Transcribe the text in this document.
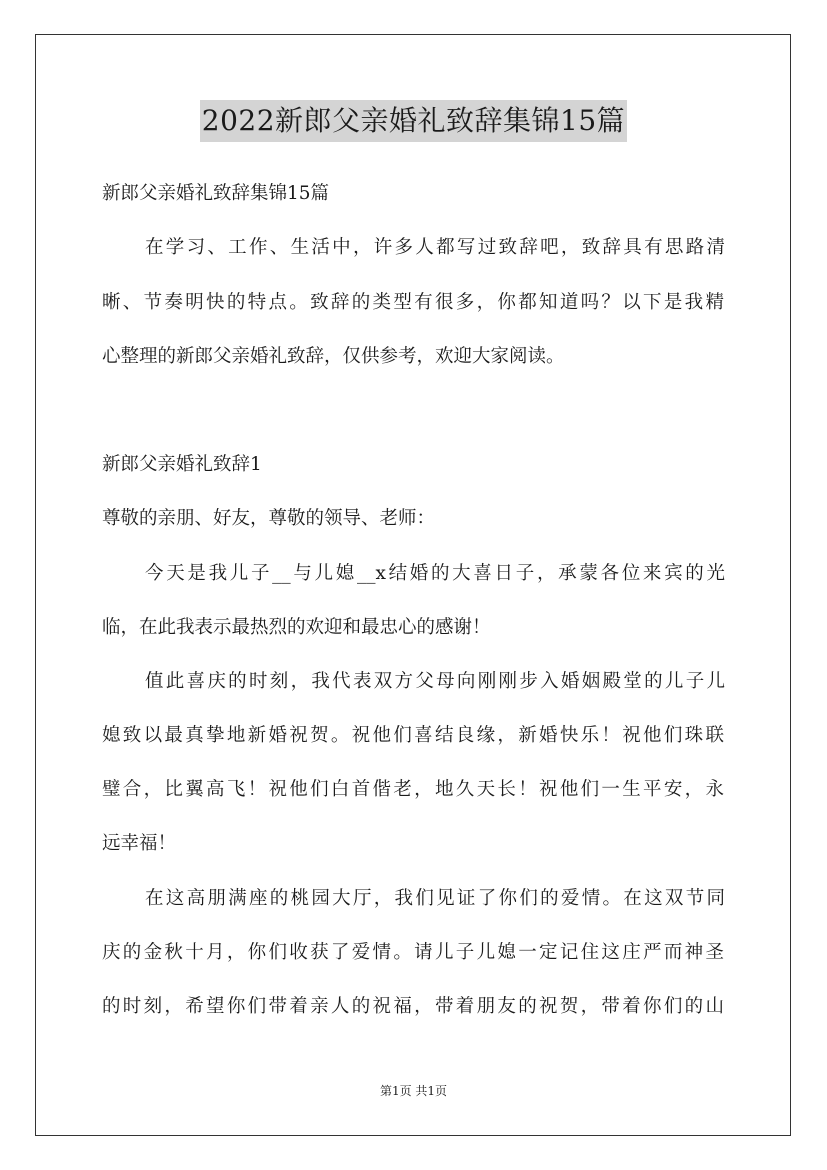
2022新郎父亲婚礼致辞集锦15篇
新郎父亲婚礼致辞集锦15篇
在学习、工作、生活中，许多人都写过致辞吧，致辞具有思路清
晰、节奏明快的特点。致辞的类型有很多，你都知道吗？以下是我精
心整理的新郎父亲婚礼致辞，仅供参考，欢迎大家阅读。
新郎父亲婚礼致辞1
尊敬的亲朋、好友，尊敬的领导、老师：
今天是我儿子__与儿媳__x结婚的大喜日子，承蒙各位来宾的光
临，在此我表示最热烈的欢迎和最忠心的感谢！
值此喜庆的时刻，我代表双方父母向刚刚步入婚姻殿堂的儿子儿
媳致以最真挚地新婚祝贺。祝他们喜结良缘，新婚快乐！祝他们珠联
璧合，比翼高飞！祝他们白首偕老，地久天长！祝他们一生平安，永
远幸福！
在这高朋满座的桃园大厅，我们见证了你们的爱情。在这双节同
庆的金秋十月，你们收获了爱情。请儿子儿媳一定记住这庄严而神圣
的时刻，希望你们带着亲人的祝福，带着朋友的祝贺，带着你们的山
第1页 共1页
